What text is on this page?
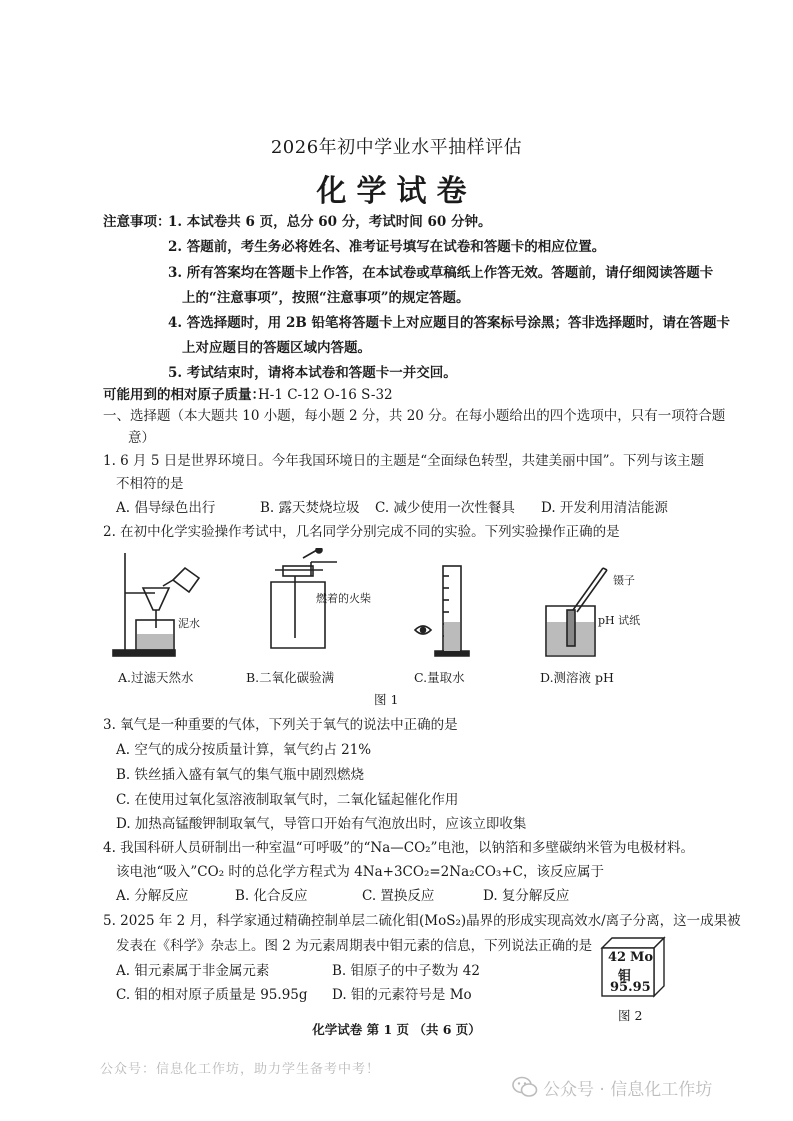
2026年初中学业水平抽样评估
化学试卷
注意事项：
1. 本试卷共 6 页，总分 60 分，考试时间 60 分钟。
2. 答题前，考生务必将姓名、准考证号填写在试卷和答题卡的相应位置。
3. 所有答案均在答题卡上作答，在本试卷或草稿纸上作答无效。答题前，请仔细阅读答题卡
上的“注意事项”，按照“注意事项”的规定答题。
4. 答选择题时，用 2B 铅笔将答题卡上对应题目的答案标号涂黑；答非选择题时，请在答题卡
上对应题目的答题区域内答题。
5. 考试结束时，请将本试卷和答题卡一并交回。
可能用到的相对原子质量：
H-1 C-12 O-16 S-32
一、选择题（本大题共 10 小题，每小题 2 分，共 20 分。在每小题给出的四个选项中，只有一项符合题
意）
1. 6 月 5 日是世界环境日。今年我国环境日的主题是“全面绿色转型，共建美丽中国”。下列与该主题
不相符的是
A. 倡导绿色出行	B. 露天焚烧垃圾 C. 减少使用一次性餐具 D. 开发利用清洁能源
2. 在初中化学实验操作考试中，几名同学分别完成不同的实验。下列实验操作正确的是
泥水
燃着的火柴
镊子
pH 试纸
A.过滤天然水	B.二氧化碳验满	C.量取水	D.测溶液 pH
图 1
3. 氧气是一种重要的气体，下列关于氧气的说法中正确的是
A. 空气的成分按质量计算，氧气约占 21%
B. 铁丝插入盛有氧气的集气瓶中剧烈燃烧
C. 在使用过氧化氢溶液制取氧气时，二氧化锰起催化作用
D. 加热高锰酸钾制取氧气，导管口开始有气泡放出时，应该立即收集
4. 我国科研人员研制出一种室温“可呼吸”的“Na—CO₂”电池，以钠箔和多壁碳纳米管为电极材料。
该电池“吸入”CO₂ 时的总化学方程式为 4Na+3CO₂=2Na₂CO₃+C，该反应属于
A. 分解反应	B. 化合反应	C. 置换反应	D. 复分解反应
5. 2025 年 2 月，科学家通过精确控制单层二硫化钼(MoS₂)晶界的形成实现高效水/离子分离，这一成果被
发表在《科学》杂志上。图 2 为元素周期表中钼元素的信息，下列说法正确的是
A. 钼元素属于非金属元素	B. 钼原子的中子数为 42
C. 钼的相对原子质量是 95.95g D. 钼的元素符号是 Mo
42 Mo
钼
95.95
图 2
化学试卷 第 1 页 （共 6 页）
公众号：信息化工作坊，助力学生备考中考！
公众号 · 信息化工作坊
